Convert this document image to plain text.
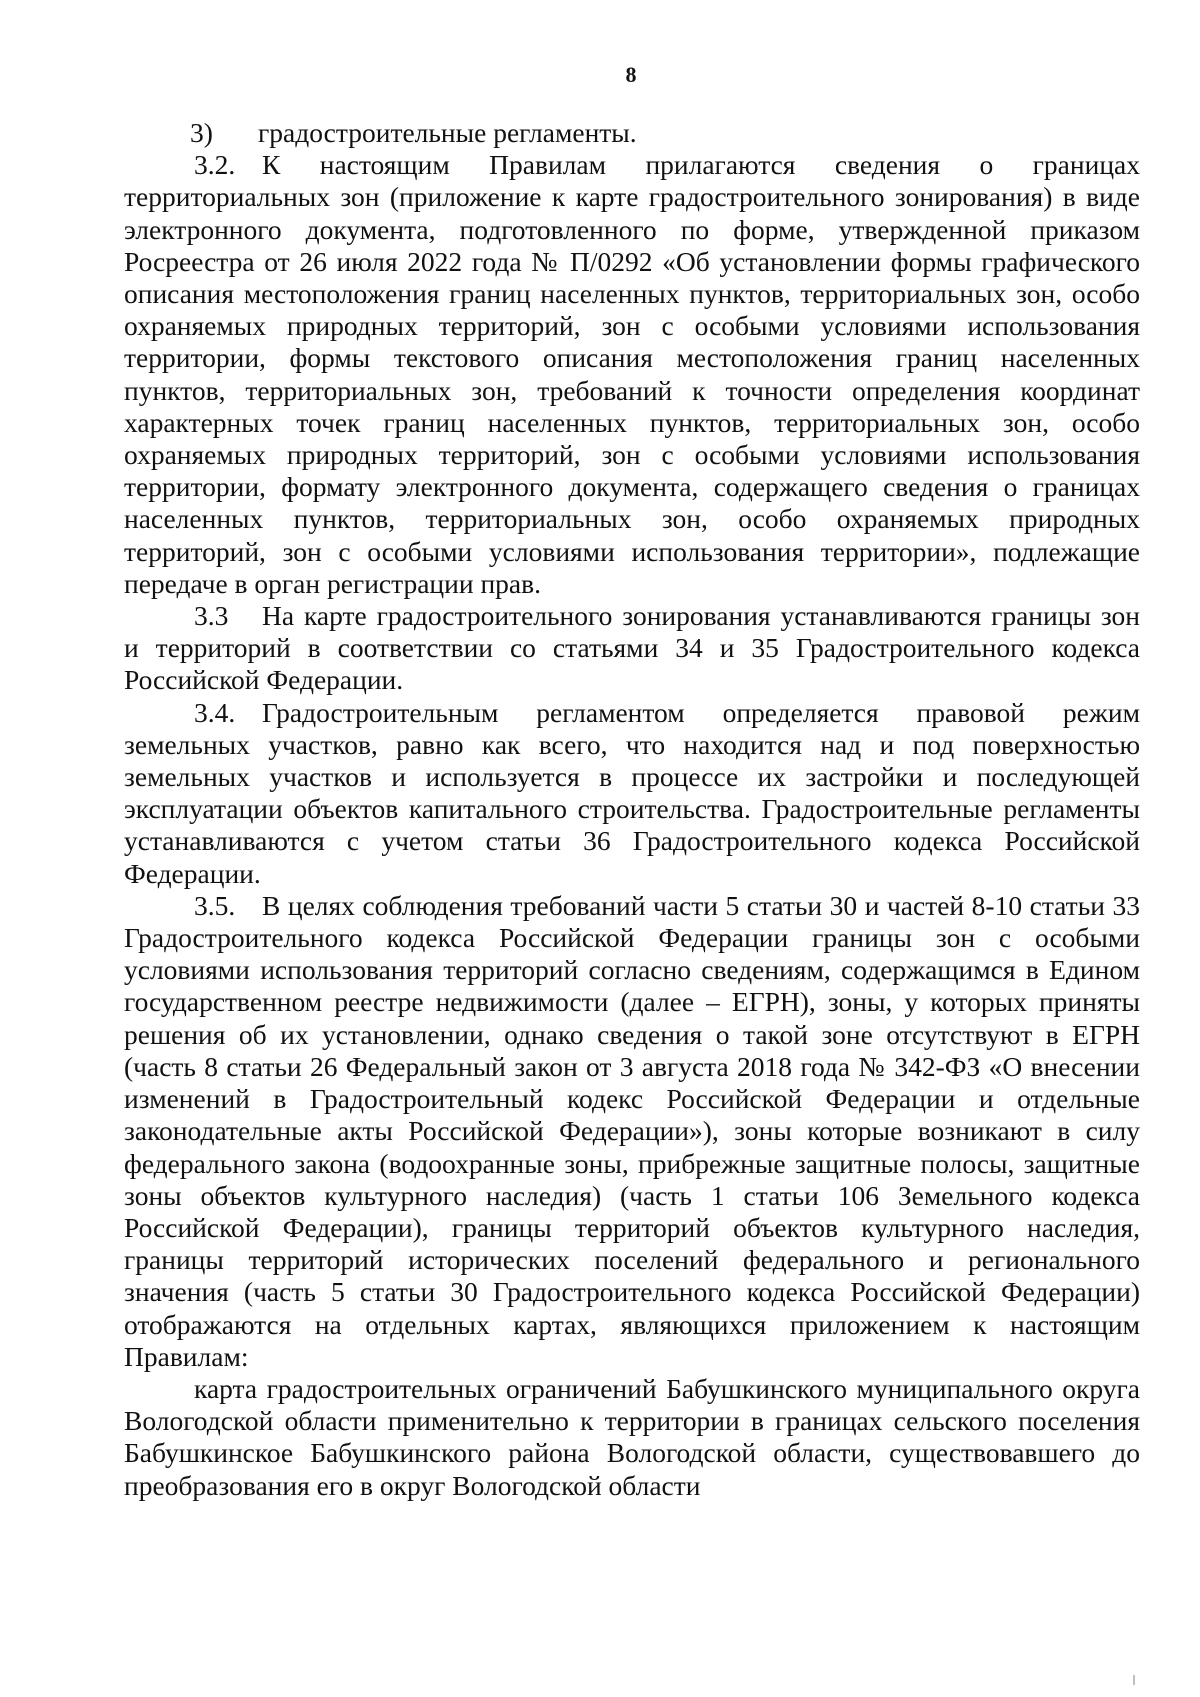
8

3) градостроительные регламенты.

3.2. К настоящим Правилам прилагаются сведения о границах территориальных зон (приложение к карте градостроительного зонирования) в виде электронного документа, подготовленного по форме, утвержденной приказом Росреестра от 26 июля 2022 года № П/0292 «Об установлении формы графического описания местоположения границ населенных пунктов, территориальных зон, особо охраняемых природных территорий, зон с особыми условиями использования территории, формы текстового описания местоположения границ населенных пунктов, территориальных зон, требований к точности определения координат характерных точек границ населенных пунктов, территориальных зон, особо охраняемых природных территорий, зон с особыми условиями использования территории, формату электронного документа, содержащего сведения о границах населенных пунктов, территориальных зон, особо охраняемых природных территорий, зон с особыми условиями использования территории», подлежащие передаче в орган регистрации прав.

3.3 На карте градостроительного зонирования устанавливаются границы зон и территорий в соответствии со статьями 34 и 35 Градостроительного кодекса Российской Федерации.

3.4. Градостроительным регламентом определяется правовой режим земельных участков, равно как всего, что находится над и под поверхностью земельных участков и используется в процессе их застройки и последующей эксплуатации объектов капитального строительства. Градостроительные регламенты устанавливаются с учетом статьи 36 Градостроительного кодекса Российской Федерации.

3.5. В целях соблюдения требований части 5 статьи 30 и частей 8-10 статьи 33 Градостроительного кодекса Российской Федерации границы зон с особыми условиями использования территорий согласно сведениям, содержащимся в Едином государственном реестре недвижимости (далее – ЕГРН), зоны, у которых приняты решения об их установлении, однако сведения о такой зоне отсутствуют в ЕГРН (часть 8 статьи 26 Федеральный закон от 3 августа 2018 года № 342-ФЗ «О внесении изменений в Градостроительный кодекс Российской Федерации и отдельные законодательные акты Российской Федерации»), зоны которые возникают в силу федерального закона (водоохранные зоны, прибрежные защитные полосы, защитные зоны объектов культурного наследия) (часть 1 статьи 106 Земельного кодекса Российской Федерации), границы территорий объектов культурного наследия, границы территорий исторических поселений федерального и регионального значения (часть 5 статьи 30 Градостроительного кодекса Российской Федерации) отображаются на отдельных картах, являющихся приложением к настоящим Правилам:

карта градостроительных ограничений Бабушкинского муниципального округа Вологодской области применительно к территории в границах сельского поселения Бабушкинское Бабушкинского района Вологодской области, существовавшего до преобразования его в округ Вологодской области
